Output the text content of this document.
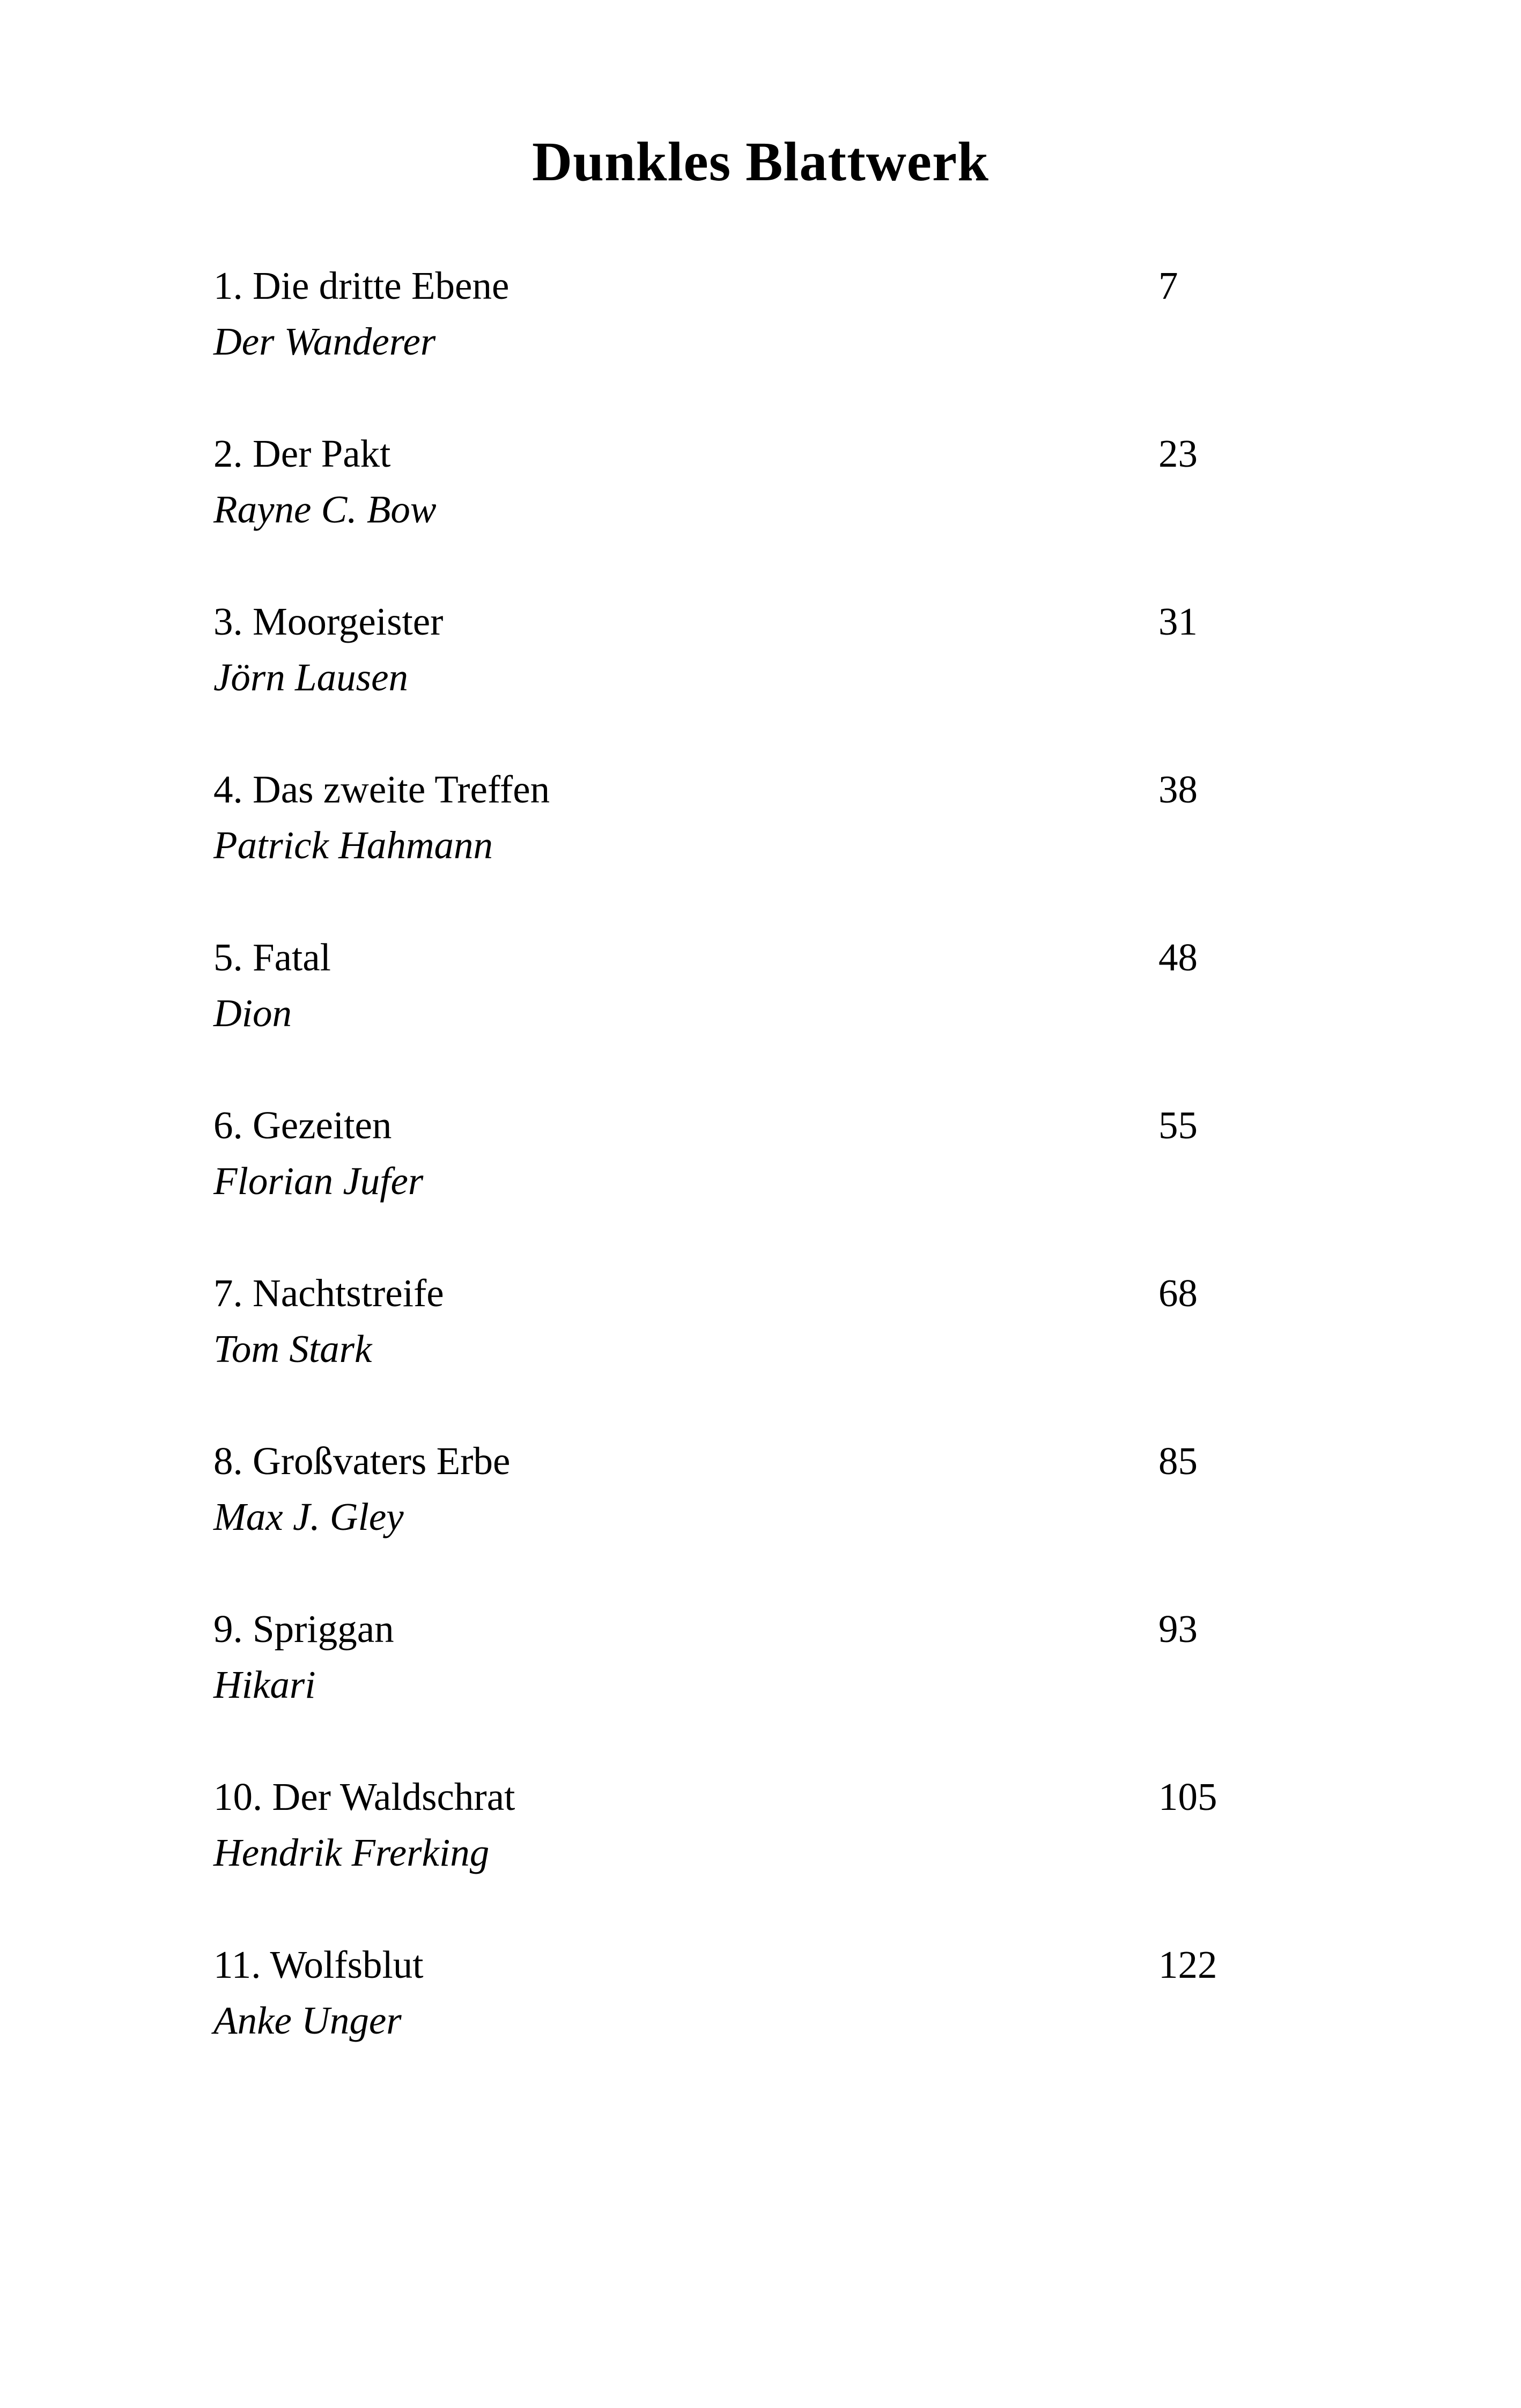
Dunkles Blattwerk
1. Die dritte Ebene	7
Der Wanderer
2. Der Pakt	23
Rayne C. Bow
3. Moorgeister	31
Jörn Lausen
4. Das zweite Treffen	38
Patrick Hahmann
5. Fatal	48
Dion
6. Gezeiten	55
Florian Jufer
7. Nachtstreife	68
Tom Stark
8. Großvaters Erbe	85
Max J. Gley
9. Spriggan	93
Hikari
10. Der Waldschrat	105
Hendrik Frerking
11. Wolfsblut	122
Anke Unger
